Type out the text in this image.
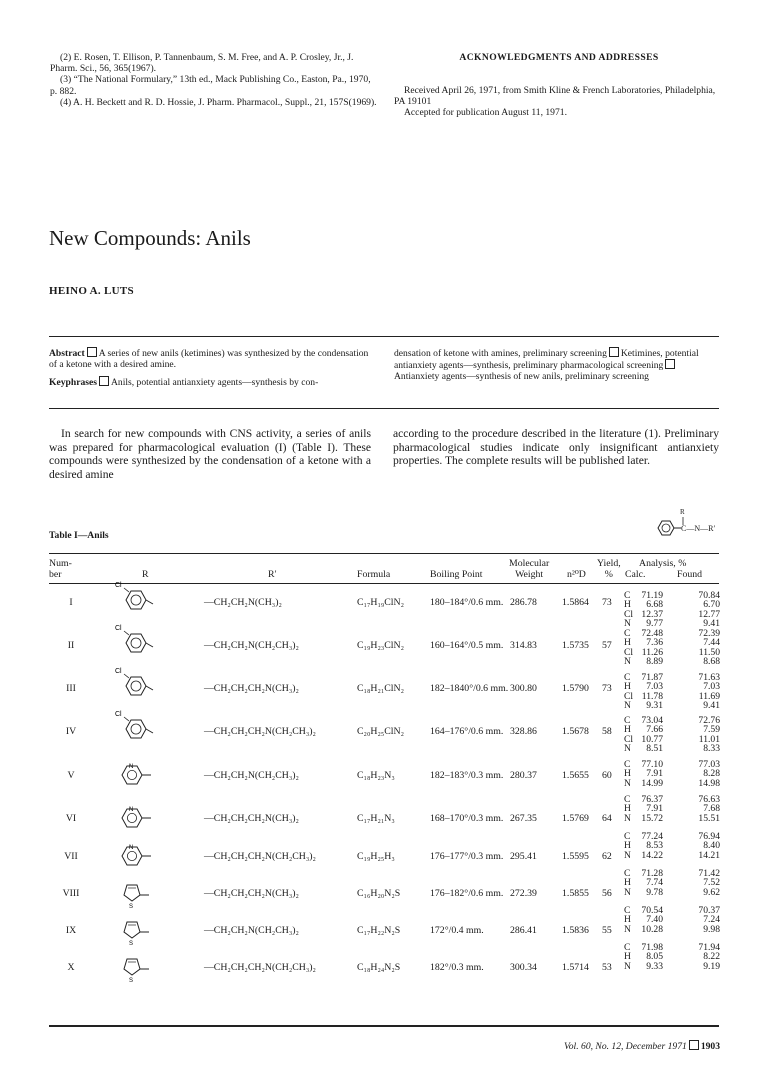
(2) E. Rosen, T. Ellison, P. Tannenbaum, S. M. Free, and A. P. Crosley, Jr., J. Pharm. Sci., 56, 365(1967).

(3) “The National Formulary,” 13th ed., Mack Publishing Co., Easton, Pa., 1970, p. 882.

(4) A. H. Beckett and R. D. Hossie, J. Pharm. Pharmacol., Suppl., 21, 157S(1969).

ACKNOWLEDGMENTS AND ADDRESSES
Received April 26, 1971, from Smith Kline & French Laboratories, Philadelphia, PA 19101
Accepted for publication August 11, 1971.
New Compounds: Anils
HEINO A. LUTS
Abstract A series of new anils (ketimines) was synthesized by the condensation of a ketone with a desired amine.
Keyphrases Anils, potential antianxiety agents—synthesis by con-
densation of ketone with amines, preliminary screening Ketimines, potential antianxiety agents—synthesis, preliminary pharmacological screeningAntianxiety agents—synthesis of new anils, preliminary screening
In search for new compounds with CNS activity, a series of anils was prepared for pharmacological evaluation (I) (Table I). These compounds were synthesized by the condensation of a ketone with a desired amine
according to the procedure described in the literature (1). Preliminary pharmacological studies indicate only insignificant antianxiety properties. The complete results will be published later.
Table I—Anils
R
C—N—R′
Num-
ber	R	R′	Formula	Boiling Point
Molecular
Weight	n²⁰D
Yield,
%
Analysis, %
Calc.	Found
I	—CH₂CH₂N(CH₃)₂	C₁₇H₁₉ClN₂	180–184°/0.6 mm. 286.78	1.5864 73
Cl
C 71.19	70.84
H 6.68	6.70
Cl 12.37	12.77
N 9.77	9.41
II	—CH₂CH₂N(CH₂CH₃)₂	C₁₉H₂₃ClN₂	160–164°/0.5 mm. 314.83	1.5735 57
Cl	C 72.48	72.39
H 7.36	7.44
Cl 11.26	11.50
N 8.89	8.68
III	—CH₂CH₂CH₂N(CH₃)₂	C₁₈H₂₁ClN₂	182–1840°/0.6 mm. 300.80	1.5790 73
Cl
C 71.87	71.63
H 7.03	7.03
Cl 11.78	11.69
N 9.31	9.41
IV	—CH₂CH₂CH₂N(CH₂CH₃)₂	C₂₀H₂₅ClN₂	164–176°/0.6 mm. 328.86	1.5678 58
Cl
C 73.04	72.76
H 7.66	7.59
Cl 10.77	11.01
N 8.51	8.33
V	—CH₂CH₂N(CH₂CH₃)₂	C₁₈H₂₃N₃	182–183°/0.3 mm. 280.37	1.5655 60
N	C 77.10	77.03
H 7.91	8.28
N 14.99	14.98
VI	—CH₂CH₂CH₂N(CH₃)₂	C₁₇H₂₁N₃	168–170°/0.3 mm. 267.35	1.5769 64
N
C 76.37	76.63
H 7.91	7.68
N 15.72	15.51
VII	—CH₂CH₂CH₂N(CH₂CH₃)₂	C₁₉H₂₅H₃	176–177°/0.3 mm. 295.41	1.5595 62
N
C 77.24	76.94
H 8.53	8.40
N 14.22	14.21
VIII	—CH₂CH₂CH₂N(CH₃)₂	C₁₆H₂₀N₂S	176–182°/0.6 mm. 272.39	1.5855 56
S
C 71.28	71.42
H 7.74	7.52
N 9.78	9.62
IX	—CH₂CH₂N(CH₂CH₃)₂	C₁₇H₂₂N₂S	172°/0.4 mm.	286.41	1.5836 55
S
C 70.54	70.37
H 7.40	7.24
N 10.28	9.98
X	—CH₂CH₂CH₂N(CH₂CH₃)₂	C₁₈H₂₄N₂S	182°/0.3 mm.	300.34	1.5714 53
S
C 71.98	71.94
H 8.05	8.22
N 9.33	9.19
Vol. 60, No. 12, December 1971 1903
